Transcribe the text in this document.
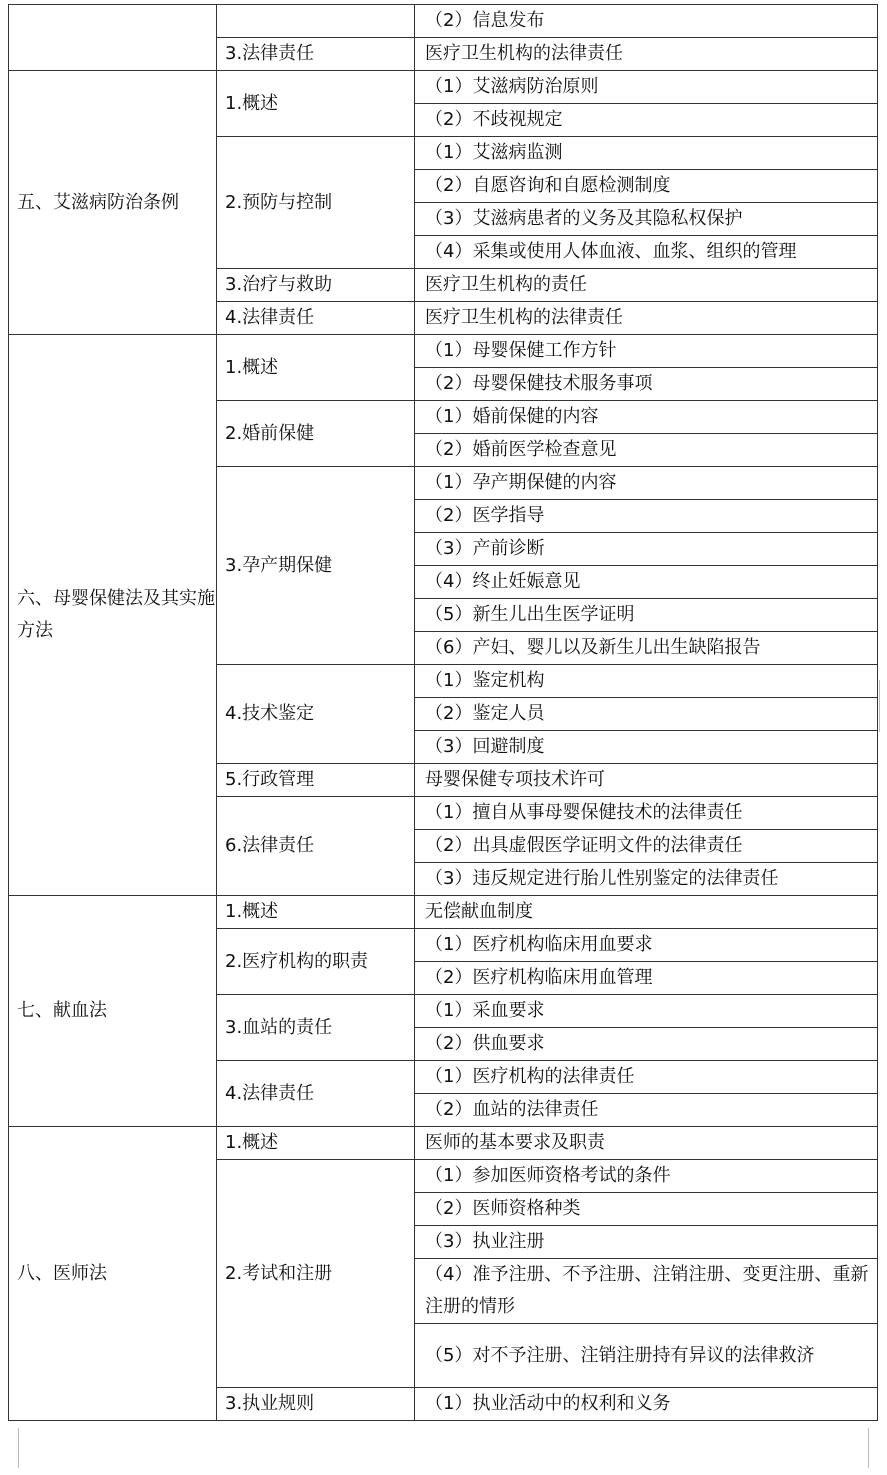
		（2）信息发布
	3.法律责任	医疗卫生机构的法律责任
五、艾滋病防治条例	1.概述	（1）艾滋病防治原则
		（2）不歧视规定
	2.预防与控制	（1）艾滋病监测
		（2）自愿咨询和自愿检测制度
		（3）艾滋病患者的义务及其隐私权保护
		（4）采集或使用人体血液、血浆、组织的管理
	3.治疗与救助	医疗卫生机构的责任
	4.法律责任	医疗卫生机构的法律责任
六、母婴保健法及其实施方法	1.概述	（1）母婴保健工作方针
		（2）母婴保健技术服务事项
	2.婚前保健	（1）婚前保健的内容
		（2）婚前医学检查意见
	3.孕产期保健	（1）孕产期保健的内容
		（2）医学指导
		（3）产前诊断
		（4）终止妊娠意见
		（5）新生儿出生医学证明
		（6）产妇、婴儿以及新生儿出生缺陷报告
	4.技术鉴定	（1）鉴定机构
		（2）鉴定人员
		（3）回避制度
	5.行政管理	母婴保健专项技术许可
	6.法律责任	（1）擅自从事母婴保健技术的法律责任
		（2）出具虚假医学证明文件的法律责任
		（3）违反规定进行胎儿性别鉴定的法律责任
七、献血法	1.概述	无偿献血制度
	2.医疗机构的职责	（1）医疗机构临床用血要求
		（2）医疗机构临床用血管理
	3.血站的责任	（1）采血要求
		（2）供血要求
	4.法律责任	（1）医疗机构的法律责任
		（2）血站的法律责任
八、医师法	1.概述	医师的基本要求及职责
	2.考试和注册	（1）参加医师资格考试的条件
		（2）医师资格种类
		（3）执业注册
		（4）准予注册、不予注册、注销注册、变更注册、重新注册的情形
		（5）对不予注册、注销注册持有异议的法律救济
	3.执业规则	（1）执业活动中的权利和义务
